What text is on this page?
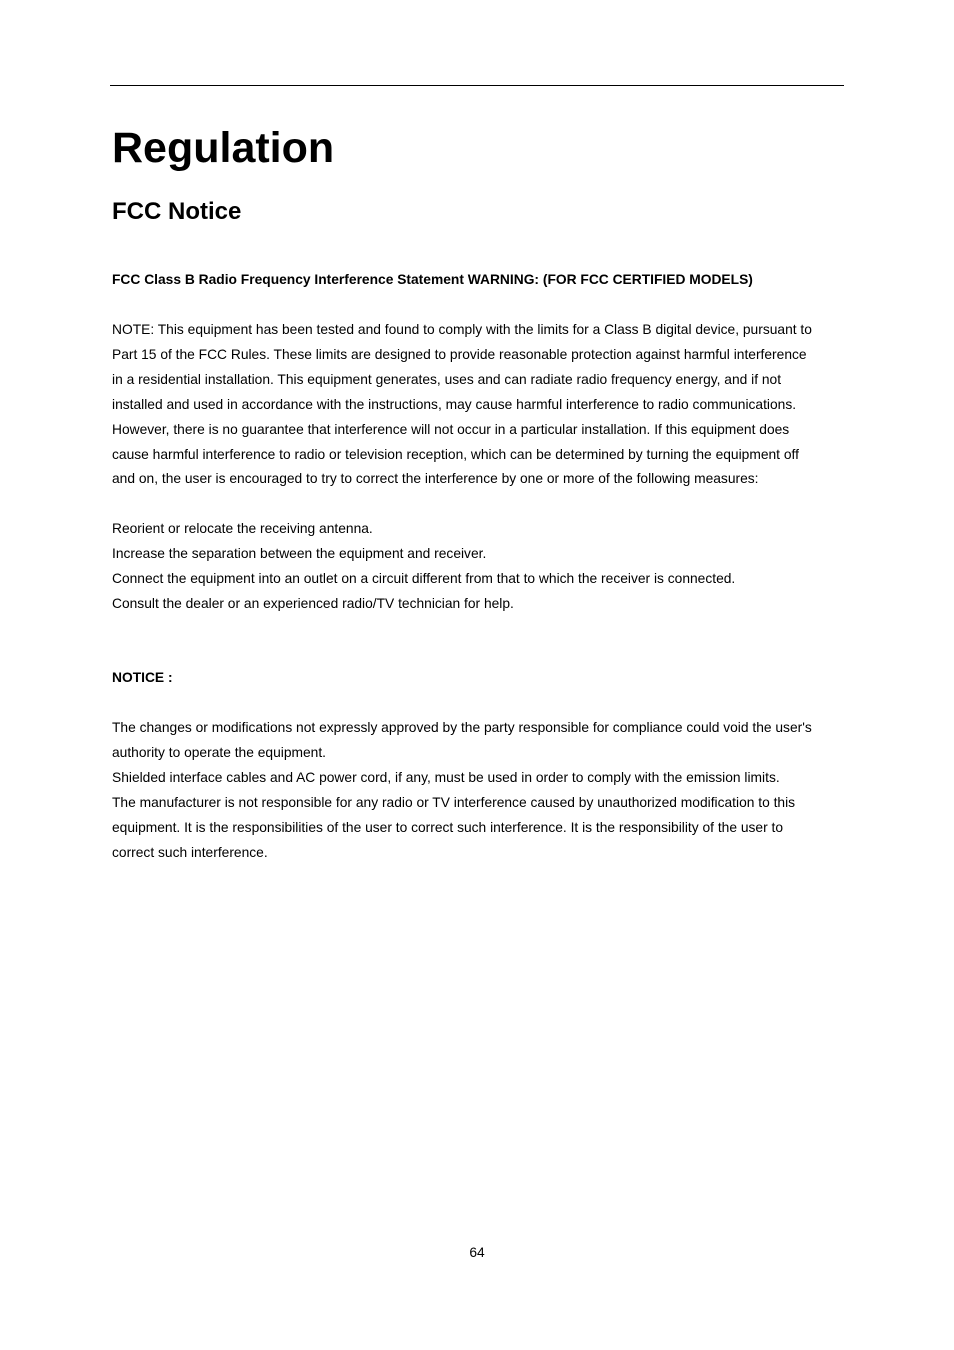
Regulation
FCC Notice

FCC Class B Radio Frequency Interference Statement WARNING: (FOR FCC CERTIFIED MODELS)

NOTE: This equipment has been tested and found to comply with the limits for a Class B digital device, pursuant to
Part 15 of the FCC Rules. These limits are designed to provide reasonable protection against harmful interference
in a residential installation. This equipment generates, uses and can radiate radio frequency energy, and if not
installed and used in accordance with the instructions, may cause harmful interference to radio communications.
However, there is no guarantee that interference will not occur in a particular installation. If this equipment does
cause harmful interference to radio or television reception, which can be determined by turning the equipment off
and on, the user is encouraged to try to correct the interference by one or more of the following measures:

Reorient or relocate the receiving antenna.
Increase the separation between the equipment and receiver.
Connect the equipment into an outlet on a circuit different from that to which the receiver is connected.
Consult the dealer or an experienced radio/TV technician for help.

NOTICE :

The changes or modifications not expressly approved by the party responsible for compliance could void the user's
authority to operate the equipment.
Shielded interface cables and AC power cord, if any, must be used in order to comply with the emission limits.
The manufacturer is not responsible for any radio or TV interference caused by unauthorized modification to this
equipment. It is the responsibilities of the user to correct such interference. It is the responsibility of the user to
correct such interference.

64
